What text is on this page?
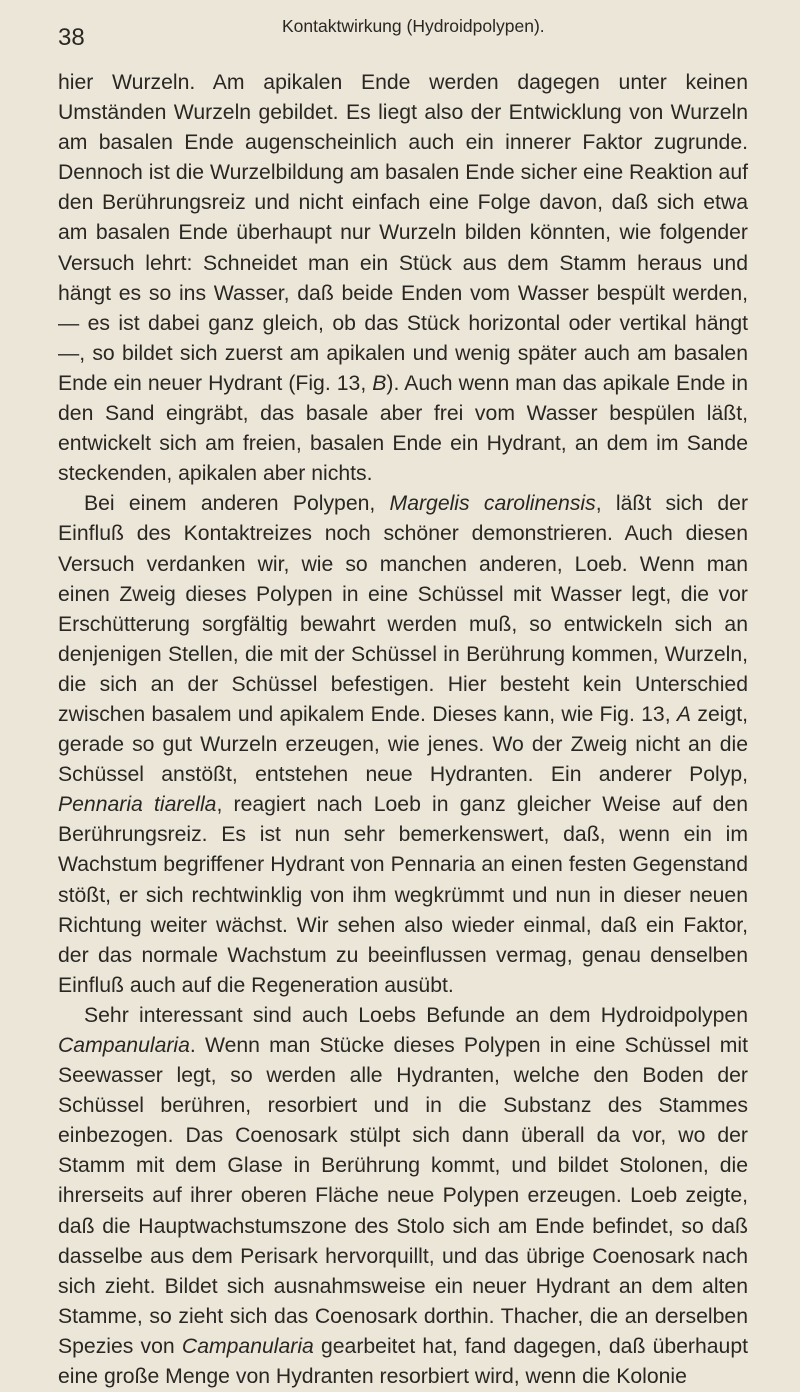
38	Kontaktwirkung (Hydroidpolypen).

hier Wurzeln. Am apikalen Ende werden dagegen unter keinen Umständen Wurzeln gebildet. Es liegt also der Entwicklung von Wurzeln am basalen Ende augenscheinlich auch ein innerer Faktor zugrunde. Dennoch ist die Wurzelbildung am basalen Ende sicher eine Reaktion auf den Berührungsreiz und nicht einfach eine Folge davon, daß sich etwa am basalen Ende überhaupt nur Wurzeln bilden könnten, wie folgender Versuch lehrt: Schneidet man ein Stück aus dem Stamm heraus und hängt es so ins Wasser, daß beide Enden vom Wasser bespült werden, — es ist dabei ganz gleich, ob das Stück horizontal oder vertikal hängt —, so bildet sich zuerst am apikalen und wenig später auch am basalen Ende ein neuer Hydrant (Fig. 13, B). Auch wenn man das apikale Ende in den Sand eingräbt, das basale aber frei vom Wasser bespülen läßt, entwickelt sich am freien, basalen Ende ein Hydrant, an dem im Sande steckenden, apikalen aber nichts.

Bei einem anderen Polypen, Margelis carolinensis, läßt sich der Einfluß des Kontaktreizes noch schöner demonstrieren. Auch diesen Versuch verdanken wir, wie so manchen anderen, Loeb. Wenn man einen Zweig dieses Polypen in eine Schüssel mit Wasser legt, die vor Erschütterung sorgfältig bewahrt werden muß, so entwickeln sich an denjenigen Stellen, die mit der Schüssel in Berührung kommen, Wurzeln, die sich an der Schüssel befestigen. Hier besteht kein Unterschied zwischen basalem und apikalem Ende. Dieses kann, wie Fig. 13, A zeigt, gerade so gut Wurzeln erzeugen, wie jenes. Wo der Zweig nicht an die Schüssel anstößt, entstehen neue Hydranten. Ein anderer Polyp, Pennaria tiarella, reagiert nach Loeb in ganz gleicher Weise auf den Berührungsreiz. Es ist nun sehr bemerkenswert, daß, wenn ein im Wachstum begriffener Hydrant von Pennaria an einen festen Gegenstand stößt, er sich rechtwinklig von ihm wegkrümmt und nun in dieser neuen Richtung weiter wächst. Wir sehen also wieder einmal, daß ein Faktor, der das normale Wachstum zu beeinflussen vermag, genau denselben Einfluß auch auf die Regeneration ausübt.

Sehr interessant sind auch Loebs Befunde an dem Hydroidpolypen Campanularia. Wenn man Stücke dieses Polypen in eine Schüssel mit Seewasser legt, so werden alle Hydranten, welche den Boden der Schüssel berühren, resorbiert und in die Substanz des Stammes einbezogen. Das Coenosark stülpt sich dann überall da vor, wo der Stamm mit dem Glase in Berührung kommt, und bildet Stolonen, die ihrerseits auf ihrer oberen Fläche neue Polypen erzeugen. Loeb zeigte, daß die Hauptwachstumszone des Stolo sich am Ende befindet, so daß dasselbe aus dem Perisark hervorquillt, und das übrige Coenosark nach sich zieht. Bildet sich ausnahmsweise ein neuer Hydrant an dem alten Stamme, so zieht sich das Coenosark dorthin. Thacher, die an derselben Spezies von Campanularia gearbeitet hat, fand dagegen, daß überhaupt eine große Menge von Hydranten resorbiert wird, wenn die Kolonie
